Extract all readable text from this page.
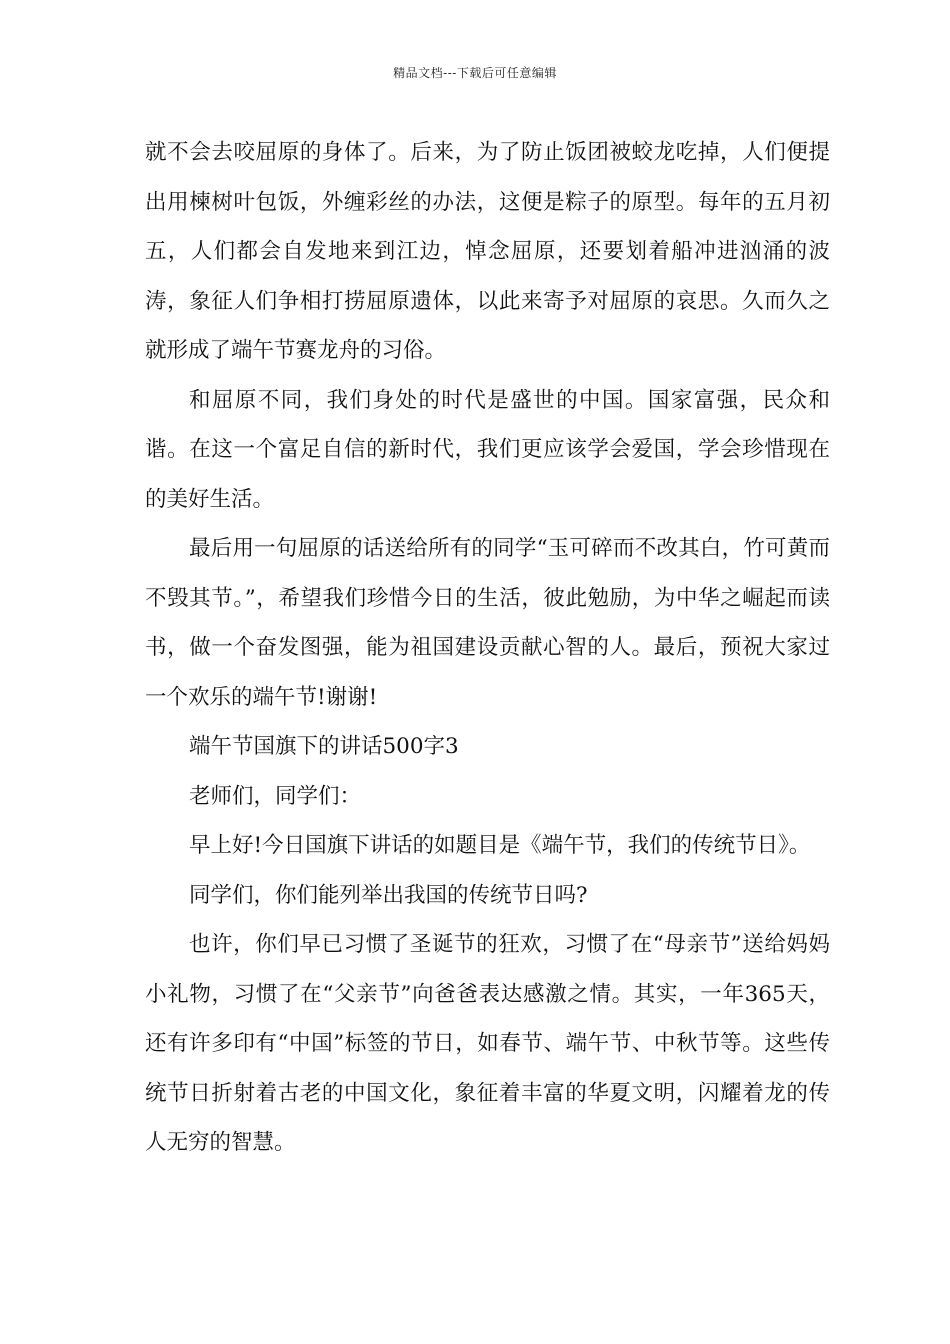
精品文档---下载后可任意编辑

就不会去咬屈原的身体了。后来，为了防止饭团被蛟龙吃掉，人们便提出用楝树叶包饭，外缠彩丝的办法，这便是粽子的原型。每年的五月初五，人们都会自发地来到江边，悼念屈原，还要划着船冲进汹涌的波涛，象征人们争相打捞屈原遗体，以此来寄予对屈原的哀思。久而久之就形成了端午节赛龙舟的习俗。

和屈原不同，我们身处的时代是盛世的中国。国家富强，民众和谐。在这一个富足自信的新时代，我们更应该学会爱国，学会珍惜现在的美好生活。

最后用一句屈原的话送给所有的同学“玉可碎而不改其白，竹可黄而不毁其节。”，希望我们珍惜今日的生活，彼此勉励，为中华之崛起而读书，做一个奋发图强，能为祖国建设贡献心智的人。最后，预祝大家过一个欢乐的端午节!谢谢!

端午节国旗下的讲话500字3

老师们，同学们：

早上好!今日国旗下讲话的如题目是《端午节，我们的传统节日》。

同学们，你们能列举出我国的传统节日吗?

也许，你们早已习惯了圣诞节的狂欢，习惯了在“母亲节”送给妈妈小礼物，习惯了在“父亲节”向爸爸表达感激之情。其实，一年365天，还有许多印有“中国”标签的节日，如春节、端午节、中秋节等。这些传统节日折射着古老的中国文化，象征着丰富的华夏文明，闪耀着龙的传人无穷的智慧。
